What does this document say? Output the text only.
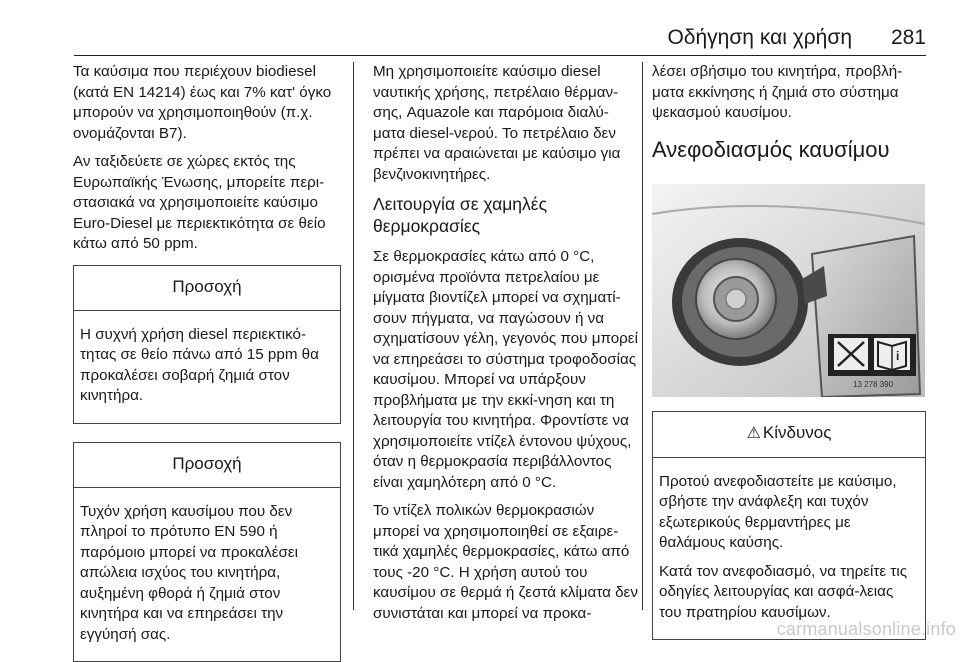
Οδήγηση και χρήση 281

Τα καύσιμα που περιέχουν biodiesel (κατά EN 14214) έως και 7% κατ' όγκο μπορούν να χρησιμοποιηθούν (π.χ. ονομάζονται B7).

Αν ταξιδεύετε σε χώρες εκτός της Ευρωπαϊκής Ένωσης, μπορείτε περι-στασιακά να χρησιμοποιείτε καύσιμο Euro-Diesel με περιεκτικότητα σε θείο κάτω από 50 ppm.

Προσοχή

Η συχνή χρήση diesel περιεκτικό-τητας σε θείο πάνω από 15 ppm θα προκαλέσει σοβαρή ζημιά στον κινητήρα.

Προσοχή

Τυχόν χρήση καυσίμου που δεν πληροί το πρότυπο EN 590 ή παρόμοιο μπορεί να προκαλέσει απώλεια ισχύος του κινητήρα, αυξημένη φθορά ή ζημιά στον κινητήρα και να επηρεάσει την εγγύησή σας.

Μη χρησιμοποιείτε καύσιμο diesel ναυτικής χρήσης, πετρέλαιο θέρμαν-σης, Aquazole και παρόμοια διαλύ-ματα diesel-νερού. Το πετρέλαιο δεν πρέπει να αραιώνεται με καύσιμο για βενζινοκινητήρες.

Λειτουργία σε χαμηλές θερμοκρασίες

Σε θερμοκρασίες κάτω από 0 °C, ορισμένα προϊόντα πετρελαίου με μίγματα βιοντίζελ μπορεί να σχηματί-σουν πήγματα, να παγώσουν ή να σχηματίσουν γέλη, γεγονός που μπορεί να επηρεάσει το σύστημα τροφοδοσίας καυσίμου. Μπορεί να υπάρξουν προβλήματα με την εκκί-νηση και τη λειτουργία του κινητήρα. Φροντίστε να χρησιμοποιείτε ντίζελ έντονου ψύχους, όταν η θερμοκρασία περιβάλλοντος είναι χαμηλότερη από 0 °C.

Το ντίζελ πολικών θερμοκρασιών μπορεί να χρησιμοποιηθεί σε εξαιρε-τικά χαμηλές θερμοκρασίες, κάτω από τους -20 °C. Η χρήση αυτού του καυσίμου σε θερμά ή ζεστά κλίματα δεν συνιστάται και μπορεί να προκα-

λέσει σβήσιμο του κινητήρα, προβλή-ματα εκκίνησης ή ζημιά στο σύστημα ψεκασμού καυσίμου.

Ανεφοδιασμός καυσίμου
i
13 278 390
⚠ Κίνδυνος

Προτού ανεφοδιαστείτε με καύσιμο, σβήστε την ανάφλεξη και τυχόν εξωτερικούς θερμαντήρες με θαλάμους καύσης.

Κατά τον ανεφοδιασμό, να τηρείτε τις οδηγίες λειτουργίας και ασφά-λειας του πρατηρίου καυσίμων.

carmanualsonline.info
